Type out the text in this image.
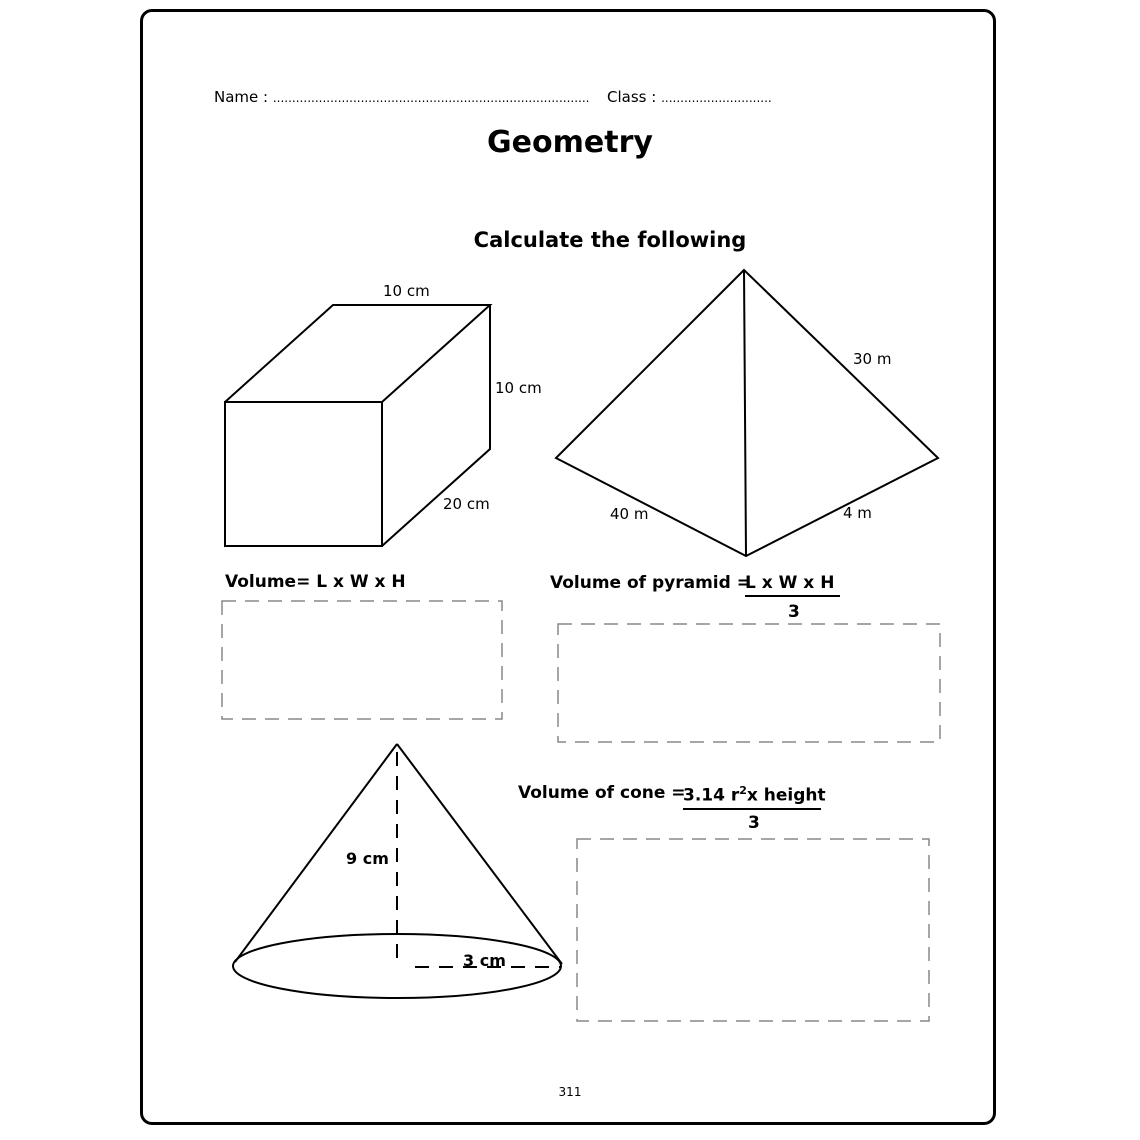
Name : ................................................................................... Class : .............................
Geometry
Calculate the following
10 cm
10 cm
20 cm
Volume= L x W x H
30 m
40 m	4 m
Volume of pyramid =
L x W x H
3
9 cm
3 cm
Volume of cone =
3.14 $r^2x$ height
3
311
